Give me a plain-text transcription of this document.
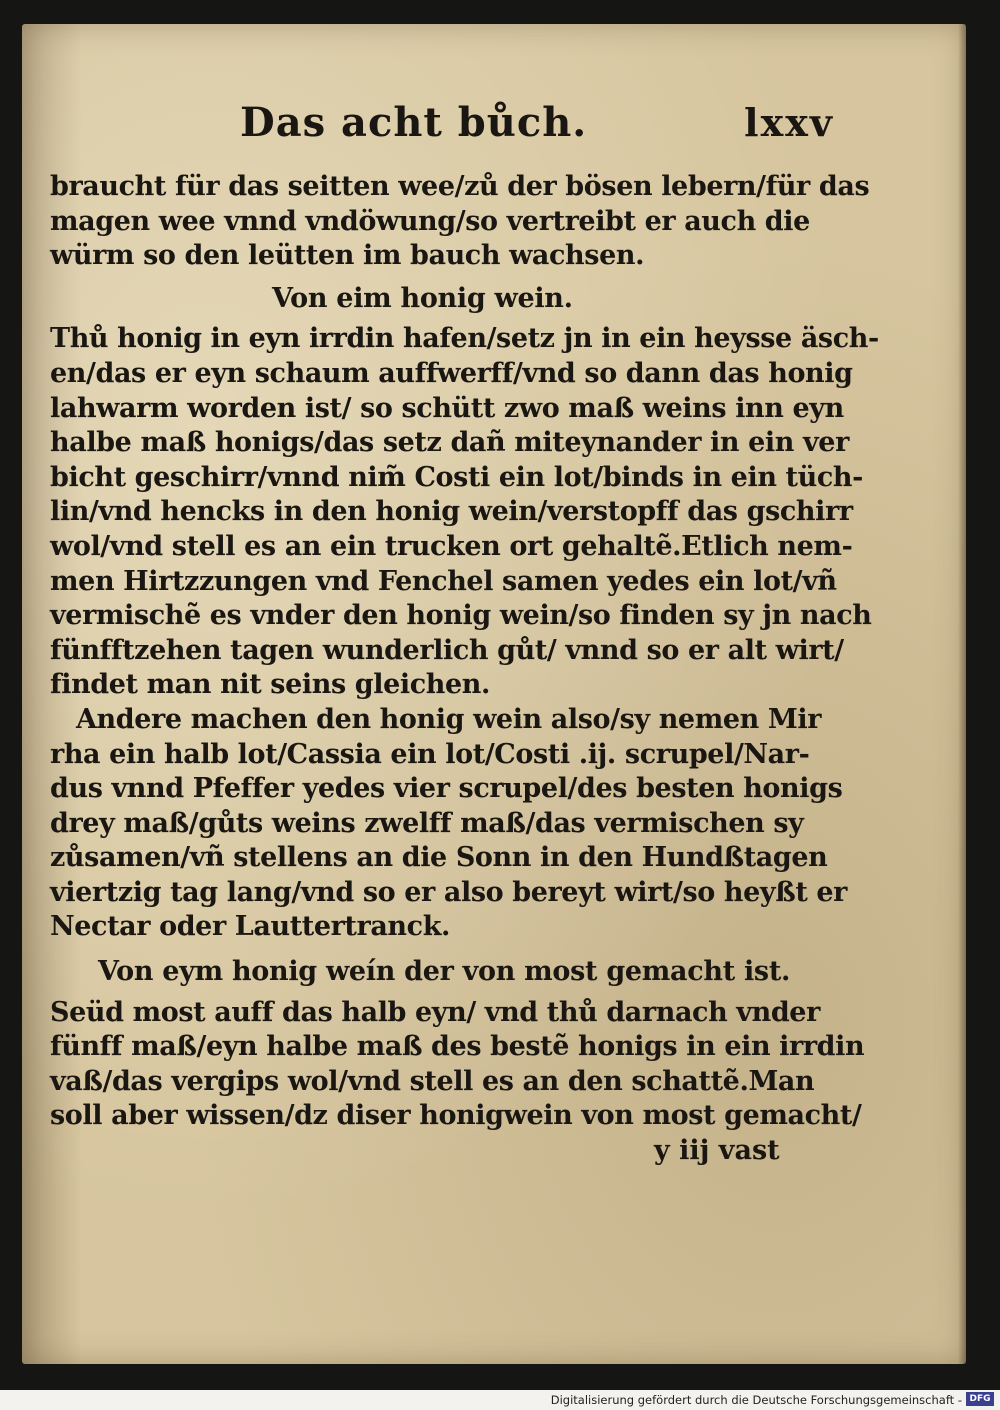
Das acht bůch.	lxxv
braucht für das seitten wee/zů der bösen lebern/für das
magen wee vnnd vndöwung/so vertreibt er auch die
würm so den leütten im bauch wachsen.
Von eim honig wein.
Thů honig in eyn irrdin hafen/setz jn in ein heysse äsch-
en/das er eyn schaum auffwerff/vnd so dann das honig
lahwarm worden ist/ so schütt zwo maß weins inn eyn
halbe maß honigs/das setz dañ miteynander in ein ver
bicht geschirr/vnnd nim̃ Costi ein lot/binds in ein tüch-
lin/vnd hencks in den honig wein/verstopff das gschirr
wol/vnd stell es an ein trucken ort gehaltẽ.Etlich nem-
men Hirtzzungen vnd Fenchel samen yedes ein lot/vñ
vermischẽ es vnder den honig wein/so finden sy jn nach
fünfftzehen tagen wunderlich gůt/ vnnd so er alt wirt/
findet man nit seins gleichen.
Andere machen den honig wein also/sy nemen Mir
rha ein halb lot/Cassia ein lot/Costi .ij. scrupel/Nar-
dus vnnd Pfeffer yedes vier scrupel/des besten honigs
drey maß/gůts weins zwelff maß/das vermischen sy
zůsamen/vñ stellens an die Sonn in den Hundßtagen
viertzig tag lang/vnd so er also bereyt wirt/so heyßt er
Nectar oder Lauttertranck.
Von eym honig weín der von most gemacht ist.
Seüd most auff das halb eyn/ vnd thů darnach vnder
fünff maß/eyn halbe maß des bestẽ honigs in ein irrdin
vaß/das vergips wol/vnd stell es an den schattẽ.Man
soll aber wissen/dz diser honigwein von most gemacht/
y iij vast
Digitalisierung gefördert durch die Deutsche Forschungsgemeinschaft - DFG
